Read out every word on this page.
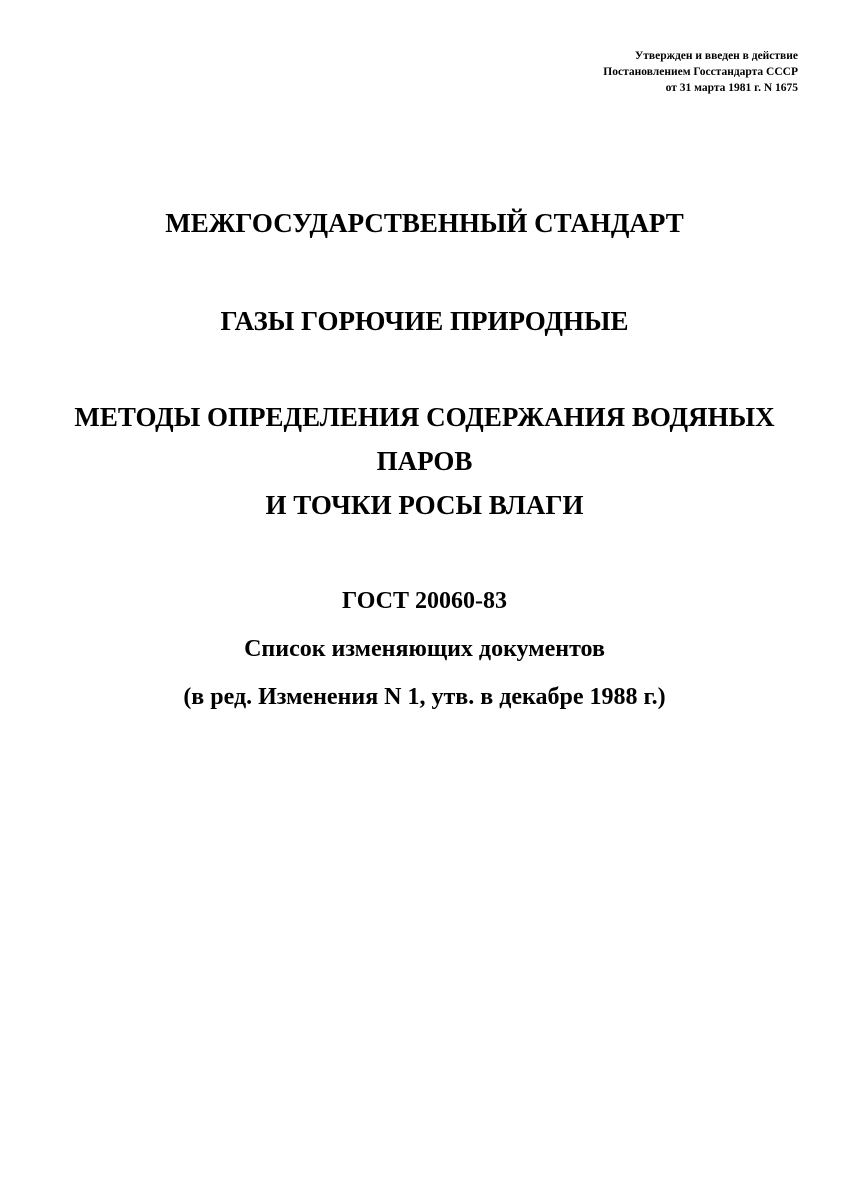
Утвержден и введен в действие
Постановлением Госстандарта СССР
от 31 марта 1981 г. N 1675
МЕЖГОСУДАРСТВЕННЫЙ СТАНДАРТ
ГАЗЫ ГОРЮЧИЕ ПРИРОДНЫЕ
МЕТОДЫ ОПРЕДЕЛЕНИЯ СОДЕРЖАНИЯ ВОДЯНЫХ
ПАРОВ
И ТОЧКИ РОСЫ ВЛАГИ
ГОСТ 20060-83
Список изменяющих документов
(в ред. Изменения N 1, утв. в декабре 1988 г.)
